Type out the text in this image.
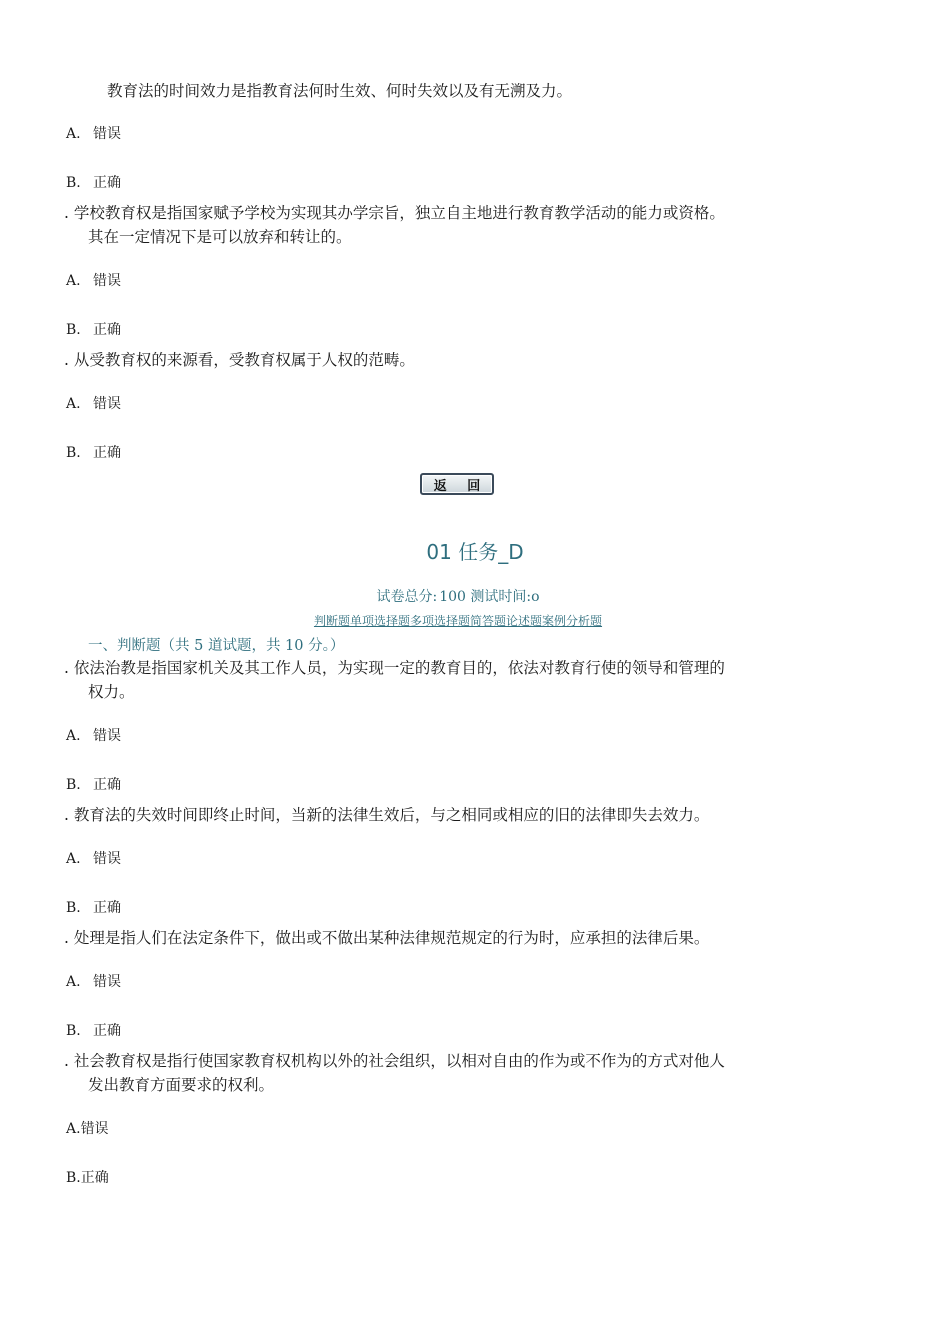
教育法的时间效力是指教育法何时生效、何时失效以及有无溯及力。
A. 错误
B. 正确
. 学校教育权是指国家赋予学校为实现其办学宗旨，独立自主地进行教育教学活动的能力或资格。
其在一定情况下是可以放弃和转让的。
A. 错误
B. 正确
. 从受教育权的来源看，受教育权属于人权的范畴。
A. 错误
B. 正确
返 回
01 任务_D
试卷总分: 100 测试时间:o
判断题单项选择题多项选择题简答题论述题案例分析题
一、判断题（共 5 道试题，共 10 分。）
. 依法治教是指国家机关及其工作人员，为实现一定的教育目的，依法对教育行使的领导和管理的
权力。
A. 错误
B. 正确
. 教育法的失效时间即终止时间，当新的法律生效后，与之相同或相应的旧的法律即失去效力。
A. 错误
B. 正确
. 处理是指人们在法定条件下，做出或不做出某种法律规范规定的行为时，应承担的法律后果。
A. 错误
B. 正确
. 社会教育权是指行使国家教育权机构以外的社会组织，以相对自由的作为或不作为的方式对他人
发出教育方面要求的权利。
A.错误
B.正确
